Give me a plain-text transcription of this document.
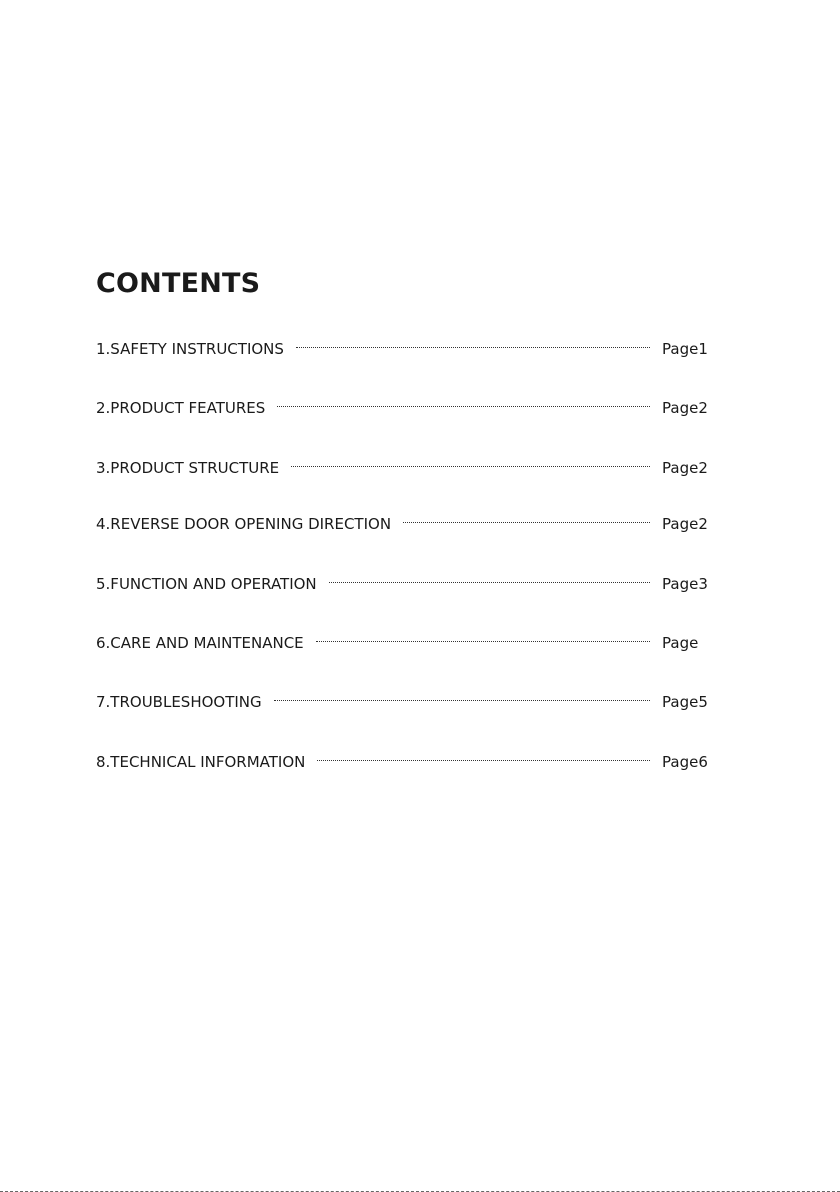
CONTENTS
1.SAFETY INSTRUCTIONS	Page1
2.PRODUCT FEATURES	Page2
3.PRODUCT STRUCTURE	Page2
4.REVERSE DOOR OPENING DIRECTION	Page2
5.FUNCTION AND OPERATION	Page3
6.CARE AND MAINTENANCE	Page
7.TROUBLESHOOTING	Page5
8.TECHNICAL INFORMATION	Page6
